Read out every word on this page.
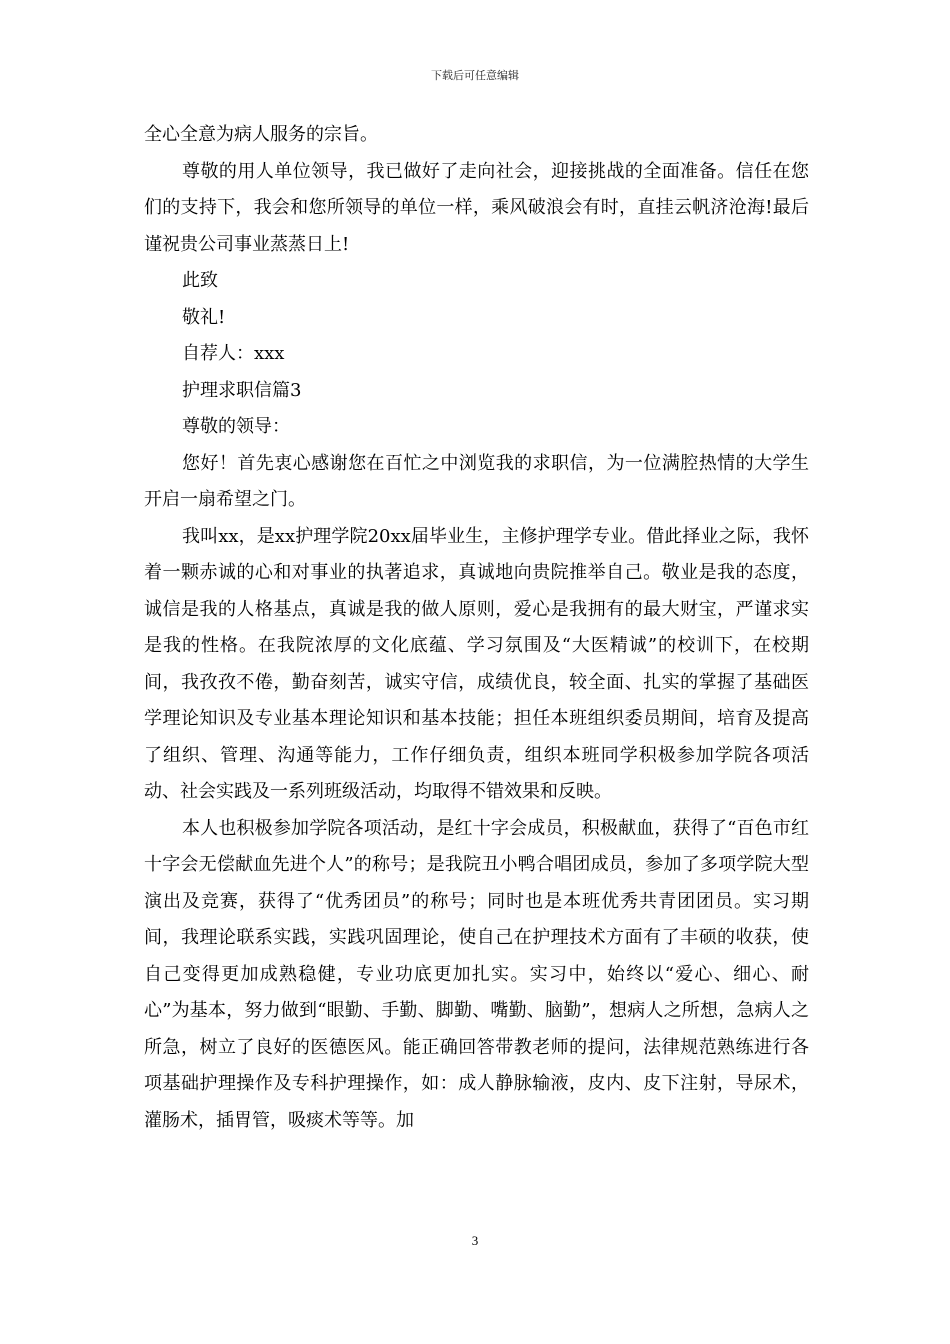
下载后可任意编辑

全心全意为病人服务的宗旨。

尊敬的用人单位领导，我已做好了走向社会，迎接挑战的全面准备。信任在您们的支持下，我会和您所领导的单位一样，乘风破浪会有时，直挂云帆济沧海!最后谨祝贵公司事业蒸蒸日上!

此致

敬礼!

自荐人：xxx

护理求职信篇3

尊敬的领导：

您好！首先衷心感谢您在百忙之中浏览我的求职信，为一位满腔热情的大学生开启一扇希望之门。

我叫xx，是xx护理学院20xx届毕业生，主修护理学专业。借此择业之际，我怀着一颗赤诚的心和对事业的执著追求，真诚地向贵院推举自己。敬业是我的态度，诚信是我的人格基点，真诚是我的做人原则，爱心是我拥有的最大财宝，严谨求实是我的性格。在我院浓厚的文化底蕴、学习氛围及“大医精诚”的校训下，在校期间，我孜孜不倦，勤奋刻苦，诚实守信，成绩优良，较全面、扎实的掌握了基础医学理论知识及专业基本理论知识和基本技能；担任本班组织委员期间，培育及提高了组织、管理、沟通等能力，工作仔细负责，组织本班同学积极参加学院各项活动、社会实践及一系列班级活动，均取得不错效果和反映。

本人也积极参加学院各项活动，是红十字会成员，积极献血，获得了“百色市红十字会无偿献血先进个人”的称号；是我院丑小鸭合唱团成员，参加了多项学院大型演出及竞赛，获得了“优秀团员”的称号；同时也是本班优秀共青团团员。实习期间，我理论联系实践，实践巩固理论，使自己在护理技术方面有了丰硕的收获，使自己变得更加成熟稳健，专业功底更加扎实。实习中，始终以“爱心、细心、耐心”为基本，努力做到“眼勤、手勤、脚勤、嘴勤、脑勤”，想病人之所想，急病人之所急，树立了良好的医德医风。能正确回答带教老师的提问，法律规范熟练进行各项基础护理操作及专科护理操作，如：成人静脉输液，皮内、皮下注射，导尿术，灌肠术，插胃管，吸痰术等等。加

3
